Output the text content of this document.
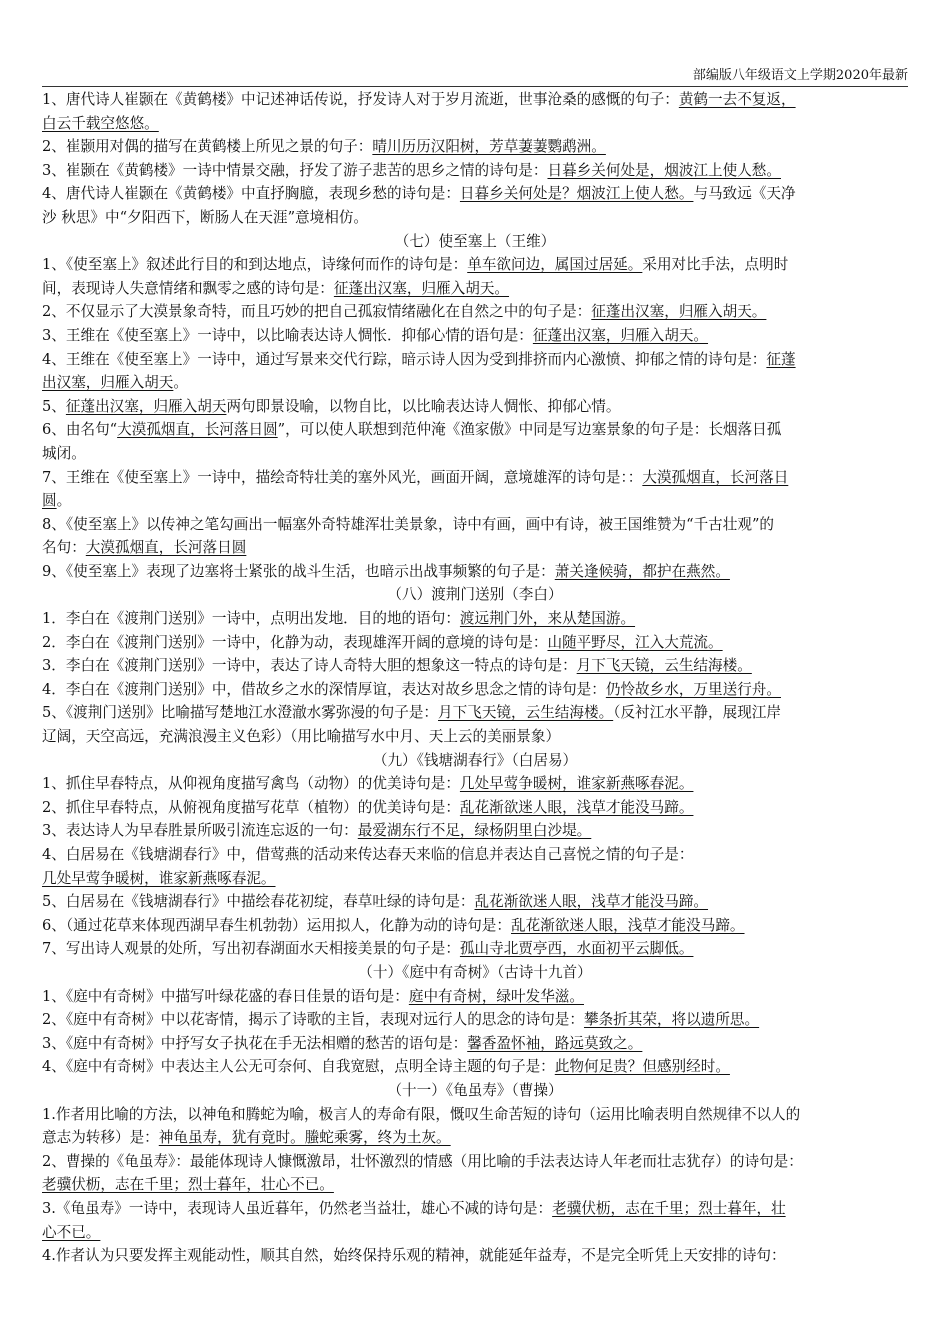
部编版八年级语文上学期2020年最新
1、唐代诗人崔颢在《黄鹤楼》中记述神话传说，抒发诗人对于岁月流逝，世事沧桑的感慨的句子：黄鹤一去不复返，
白云千载空悠悠。
2、崔颢用对偶的描写在黄鹤楼上所见之景的句子：晴川历历汉阳树，芳草萋萋鹦鹉洲。
3、崔颢在《黄鹤楼》一诗中情景交融，抒发了游子悲苦的思乡之情的诗句是：日暮乡关何处是，烟波江上使人愁。
4、唐代诗人崔颢在《黄鹤楼》中直抒胸臆，表现乡愁的诗句是：日暮乡关何处是？烟波江上使人愁。与马致远《天净
沙 秋思》中“夕阳西下，断肠人在天涯”意境相仿。
（七）使至塞上（王维）
1、《使至塞上》叙述此行目的和到达地点，诗缘何而作的诗句是：单车欲问边，属国过居延。采用对比手法，点明时
间，表现诗人失意情绪和飘零之感的诗句是：征蓬出汉塞，归雁入胡天。
2、不仅显示了大漠景象奇特，而且巧妙的把自己孤寂情绪融化在自然之中的句子是：征蓬出汉塞，归雁入胡天。
3、王维在《使至塞上》一诗中，以比喻表达诗人惆怅．抑郁心情的语句是：征蓬出汉塞，归雁入胡天。
4、王维在《使至塞上》一诗中，通过写景来交代行踪，暗示诗人因为受到排挤而内心激愤、抑郁之情的诗句是：征蓬
出汉塞，归雁入胡天。
5、征蓬出汉塞，归雁入胡天两句即景设喻，以物自比，以比喻表达诗人惆怅、抑郁心情。
6、由名句“大漠孤烟直，长河落日圆”，可以使人联想到范仲淹《渔家傲》中同是写边塞景象的句子是：长烟落日孤
城闭。
7、王维在《使至塞上》一诗中，描绘奇特壮美的塞外风光，画面开阔，意境雄浑的诗句是：：大漠孤烟直，长河落日
圆。
8、《使至塞上》以传神之笔勾画出一幅塞外奇特雄浑壮美景象，诗中有画，画中有诗，被王国维赞为“千古壮观”的
名句：大漠孤烟直，长河落日圆
9、《使至塞上》表现了边塞将士紧张的战斗生活，也暗示出战事频繁的句子是：萧关逢候骑，都护在燕然。
（八）渡荆门送别（李白）
1．李白在《渡荆门送别》一诗中，点明出发地．目的地的语句：渡远荆门外，来从楚国游。
2．李白在《渡荆门送别》一诗中，化静为动，表现雄浑开阔的意境的诗句是：山随平野尽，江入大荒流。
3．李白在《渡荆门送别》一诗中，表达了诗人奇特大胆的想象这一特点的诗句是：月下飞天镜，云生结海楼。
4．李白在《渡荆门送别》中，借故乡之水的深情厚谊，表达对故乡思念之情的诗句是：仍怜故乡水，万里送行舟。
5、《渡荆门送别》比喻描写楚地江水澄澈水雾弥漫的句子是：月下飞天镜，云生结海楼。（反衬江水平静，展现江岸
辽阔，天空高远，充满浪漫主义色彩）（用比喻描写水中月、天上云的美丽景象）
（九）《钱塘湖春行》（白居易）
1、抓住早春特点，从仰视角度描写禽鸟（动物）的优美诗句是：几处早莺争暖树，谁家新燕啄春泥。
2、抓住早春特点，从俯视角度描写花草（植物）的优美诗句是：乱花渐欲迷人眼，浅草才能没马蹄。
3、表达诗人为早春胜景所吸引流连忘返的一句：最爱湖东行不足，绿杨阴里白沙堤。
4、白居易在《钱塘湖春行》中，借莺燕的活动来传达春天来临的信息并表达自己喜悦之情的句子是：
几处早莺争暖树，谁家新燕啄春泥。
5、白居易在《钱塘湖春行》中描绘春花初绽，春草吐绿的诗句是：乱花渐欲迷人眼，浅草才能没马蹄。
6、（通过花草来体现西湖早春生机勃勃）运用拟人，化静为动的诗句是：乱花渐欲迷人眼，浅草才能没马蹄。
7、写出诗人观景的处所，写出初春湖面水天相接美景的句子是：孤山寺北贾亭西，水面初平云脚低。
（十）《庭中有奇树》（古诗十九首）
1、《庭中有奇树》中描写叶绿花盛的春日佳景的语句是：庭中有奇树，绿叶发华滋。
2、《庭中有奇树》中以花寄情，揭示了诗歌的主旨，表现对远行人的思念的诗句是：攀条折其荣，将以遗所思。
3、《庭中有奇树》中抒写女子执花在手无法相赠的愁苦的语句是：馨香盈怀袖，路远莫致之。
4、《庭中有奇树》中表达主人公无可奈何、自我宽慰，点明全诗主题的句子是：此物何足贵？但感别经时。
（十一）《龟虽寿》（曹操）
1.作者用比喻的方法，以神龟和腾蛇为喻，极言人的寿命有限，慨叹生命苦短的诗句（运用比喻表明自然规律不以人的
意志为转移）是：神龟虽寿，犹有竟时。螣蛇乘雾，终为土灰。
2、曹操的《龟虽寿》：最能体现诗人慷慨激昂，壮怀激烈的情感（用比喻的手法表达诗人年老而壮志犹存）的诗句是：
老骥伏枥，志在千里；烈士暮年，壮心不已。
3.《龟虽寿》一诗中，表现诗人虽近暮年，仍然老当益壮，雄心不减的诗句是：老骥伏枥，志在千里；烈士暮年，壮
心不已。
4.作者认为只要发挥主观能动性，顺其自然，始终保持乐观的精神，就能延年益寿，不是完全听凭上天安排的诗句：
